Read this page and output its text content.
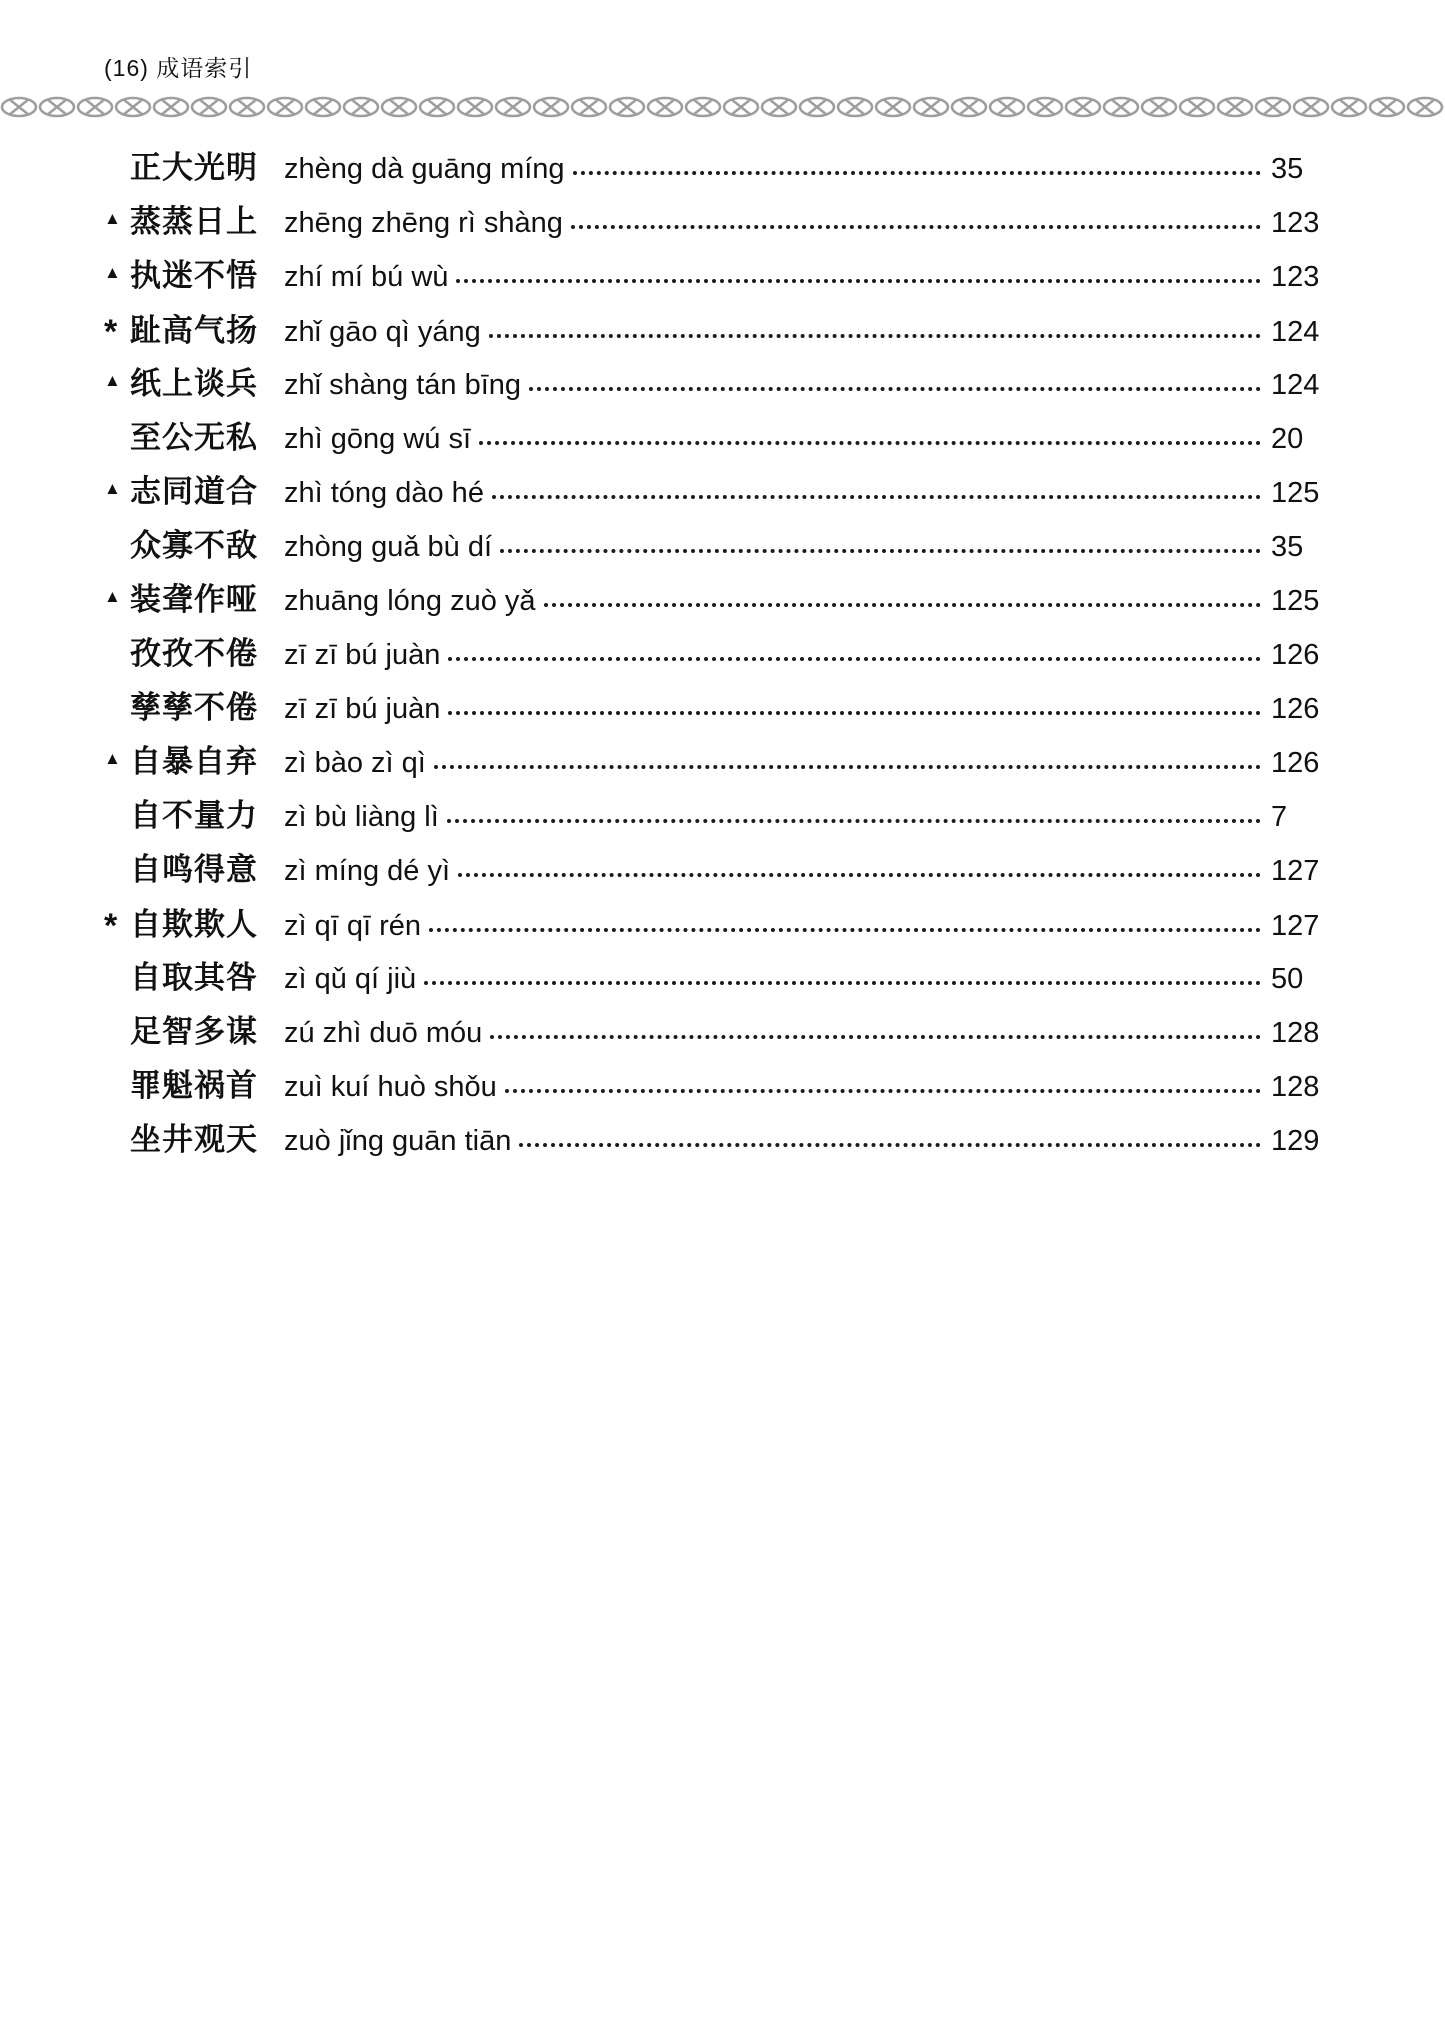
(16) 成语索引
正大光明 zhèng dà guāng míng	35
▲ 蒸蒸日上 zhēng zhēng rì shàng	123
▲ 执迷不悟 zhí mí bú wù	123
* 趾高气扬 zhǐ gāo qì yáng	124
▲ 纸上谈兵 zhǐ shàng tán bīng	124
至公无私 zhì gōng wú sī	20
▲ 志同道合 zhì tóng dào hé	125
众寡不敌 zhòng guǎ bù dí	35
▲ 装聋作哑 zhuāng lóng zuò yǎ	125
孜孜不倦 zī zī bú juàn	126
孳孳不倦 zī zī bú juàn	126
▲ 自暴自弃 zì bào zì qì	126
自不量力 zì bù liàng lì	7
自鸣得意 zì míng dé yì	127
* 自欺欺人 zì qī qī rén	127
自取其咎 zì qǔ qí jiù	50
足智多谋 zú zhì duō móu	128
罪魁祸首 zuì kuí huò shǒu	128
坐井观天 zuò jǐng guān tiān	129
